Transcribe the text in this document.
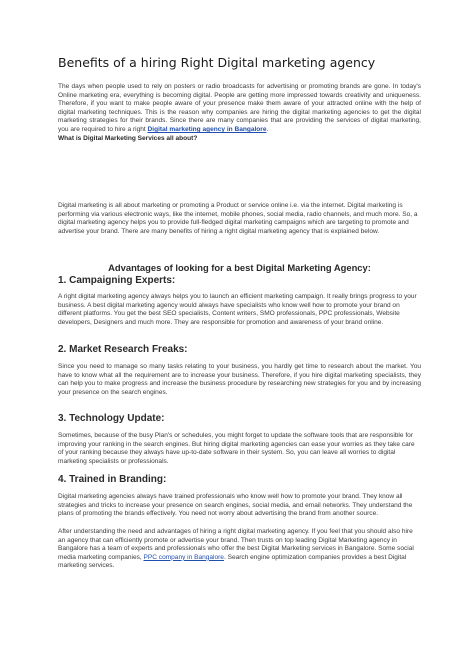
Benefits of a hiring Right Digital marketing agency

The days when people used to rely on posters or radio broadcasts for advertising or promoting brands are gone. In today's Online marketing era, everything is becoming digital. People are getting more impressed towards creativity and uniqueness. Therefore, if you want to make people aware of your presence make them aware of your attracted online with the help of digital marketing techniques. This is the reason why companies are hiring the digital marketing agencies to get the digital marketing strategies for their brands. Since there are many companies that are providing the services of digital marketing, you are required to hire a right Digital marketing agency in Bangalore.
What is Digital Marketing Services all about?

Digital marketing is all about marketing or promoting a Product or service online i.e. via the internet. Digital marketing is performing via various electronic ways, like the internet, mobile phones, social media, radio channels, and much more. So, a digital marketing agency helps you to provide full-fledged digital marketing campaigns which are targeting to promote and advertise your brand. There are many benefits of hiring a right digital marketing agency that is explained below.

Advantages of looking for a best Digital Marketing Agency:
1. Campaigning Experts:

A right digital marketing agency always helps you to launch an efficient marketing campaign. It really brings progress to your business. A best digital marketing agency would always have specialists who know well how to promote your brand on different platforms. You get the best SEO specialists, Content writers, SMO professionals, PPC professionals, Website developers, Designers and much more. They are responsible for promotion and awareness of your brand online.

2. Market Research Freaks:

Since you need to manage so many tasks relating to your business, you hardly get time to research about the market. You have to know what all the requirement are to increase your business. Therefore, if you hire digital marketing specialists, they can help you to make progress and increase the business procedure by researching new strategies for you and by increasing your presence on the search engines.

3. Technology Update:

Sometimes, because of the busy Plan's or schedules, you might forget to update the software tools that are responsible for improving your ranking in the search engines. But hiring digital marketing agencies can ease your worries as they take care of your ranking because they always have up-to-date software in their system. So, you can leave all worries to digital marketing specialists or professionals.

4. Trained in Branding:

Digital marketing agencies always have trained professionals who know well how to promote your brand. They know all strategies and tricks to increase your presence on search engines, social media, and email networks. They understand the plans of promoting the brands effectively. You need not worry about advertising the brand from another source.

After understanding the need and advantages of hiring a right digital marketing agency. If you feel that you should also hire an agency that can efficiently promote or advertise your brand. Then trusts on top leading Digital Marketing agency in Bangalore has a team of experts and professionals who offer the best Digital Marketing services in Bangalore. Some social media marketing companies, PPC company in Bangalore. Search engine optimization companies provides a best Digital marketing services.
